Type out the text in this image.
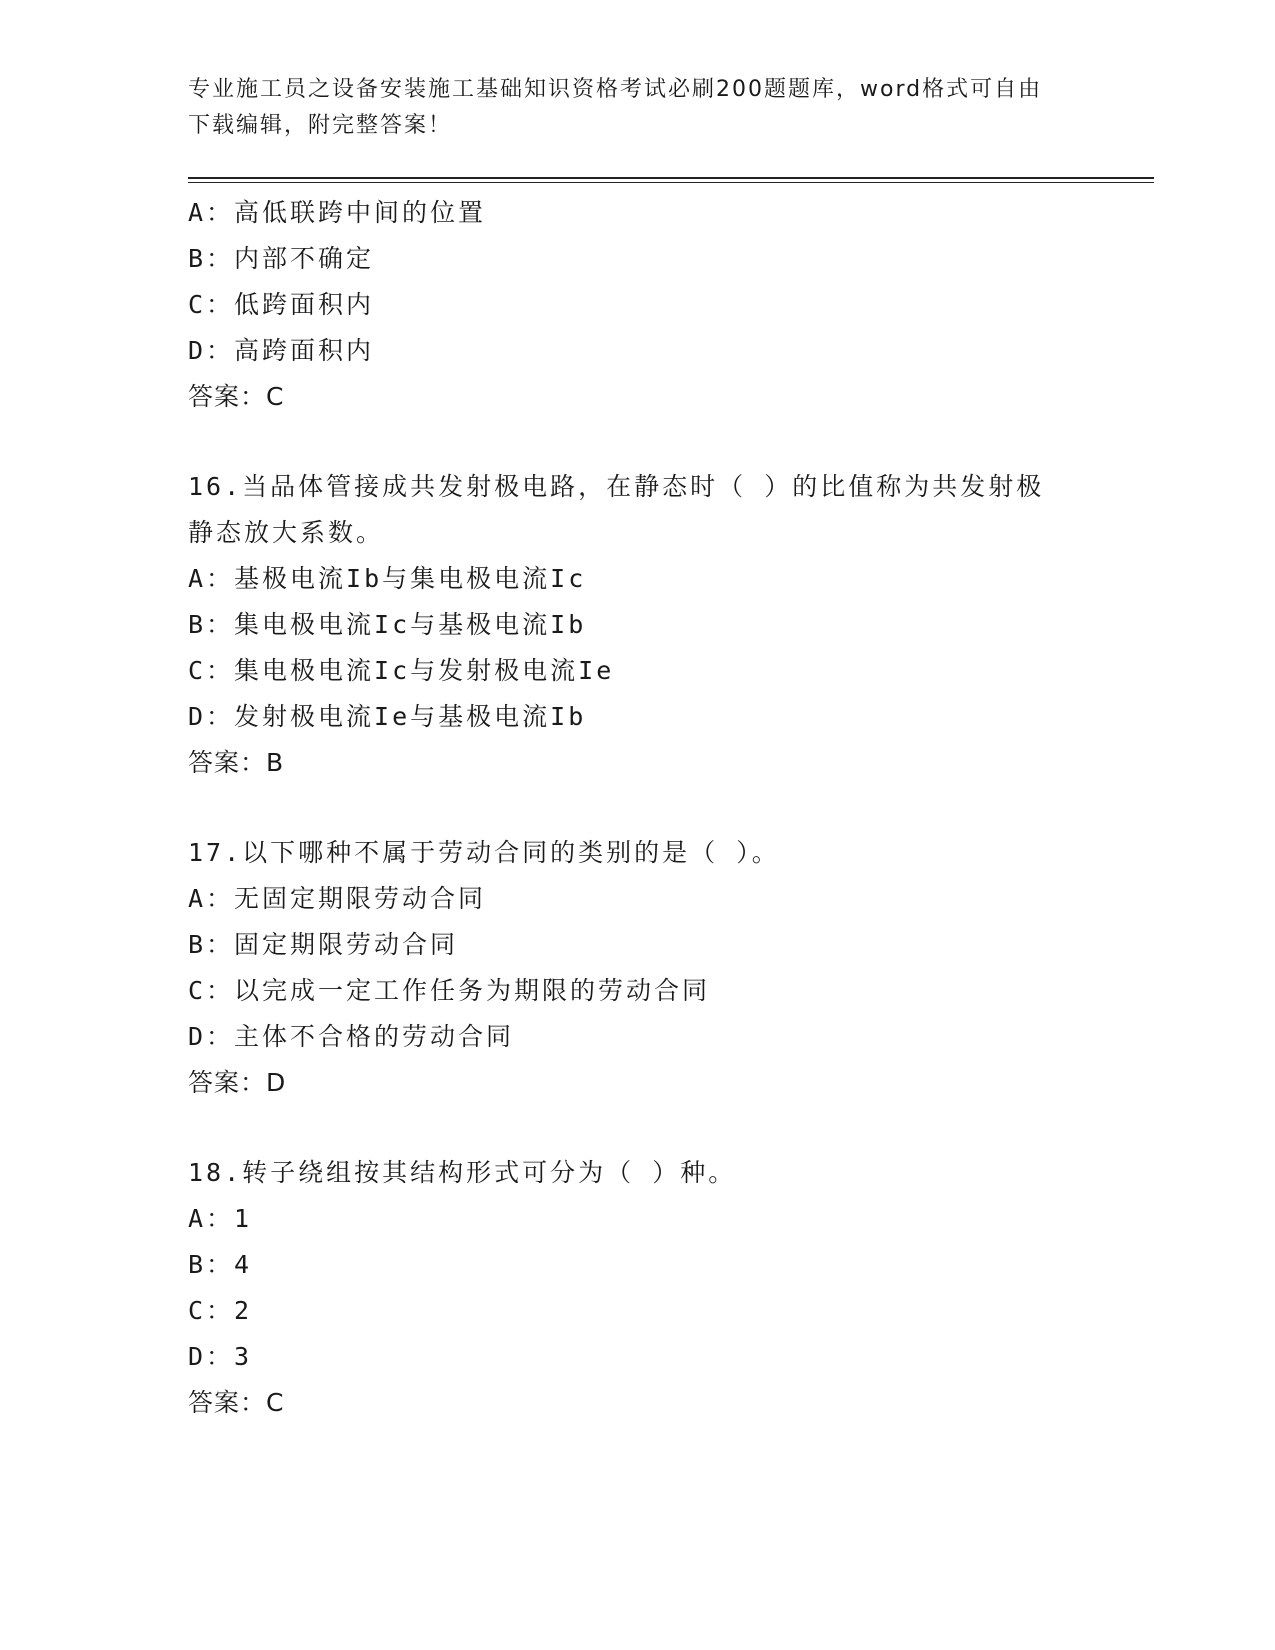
专业施工员之设备安装施工基础知识资格考试必刷200题题库，word格式可自由
下载编辑，附完整答案！
A：高低联跨中间的位置
B：内部不确定
C：低跨面积内
D：高跨面积内
答案：C
16.当品体管接成共发射极电路，在静态时（ ）的比值称为共发射极
静态放大系数。
A：基极电流Ib与集电极电流Ic
B：集电极电流Ic与基极电流Ib
C：集电极电流Ic与发射极电流Ie
D：发射极电流Ie与基极电流Ib
答案：B
17.以下哪种不属于劳动合同的类别的是（ ）。
A：无固定期限劳动合同
B：固定期限劳动合同
C：以完成一定工作任务为期限的劳动合同
D：主体不合格的劳动合同
答案：D
18.转子绕组按其结构形式可分为（ ）种。
A：1
B：4
C：2
D：3
答案：C
